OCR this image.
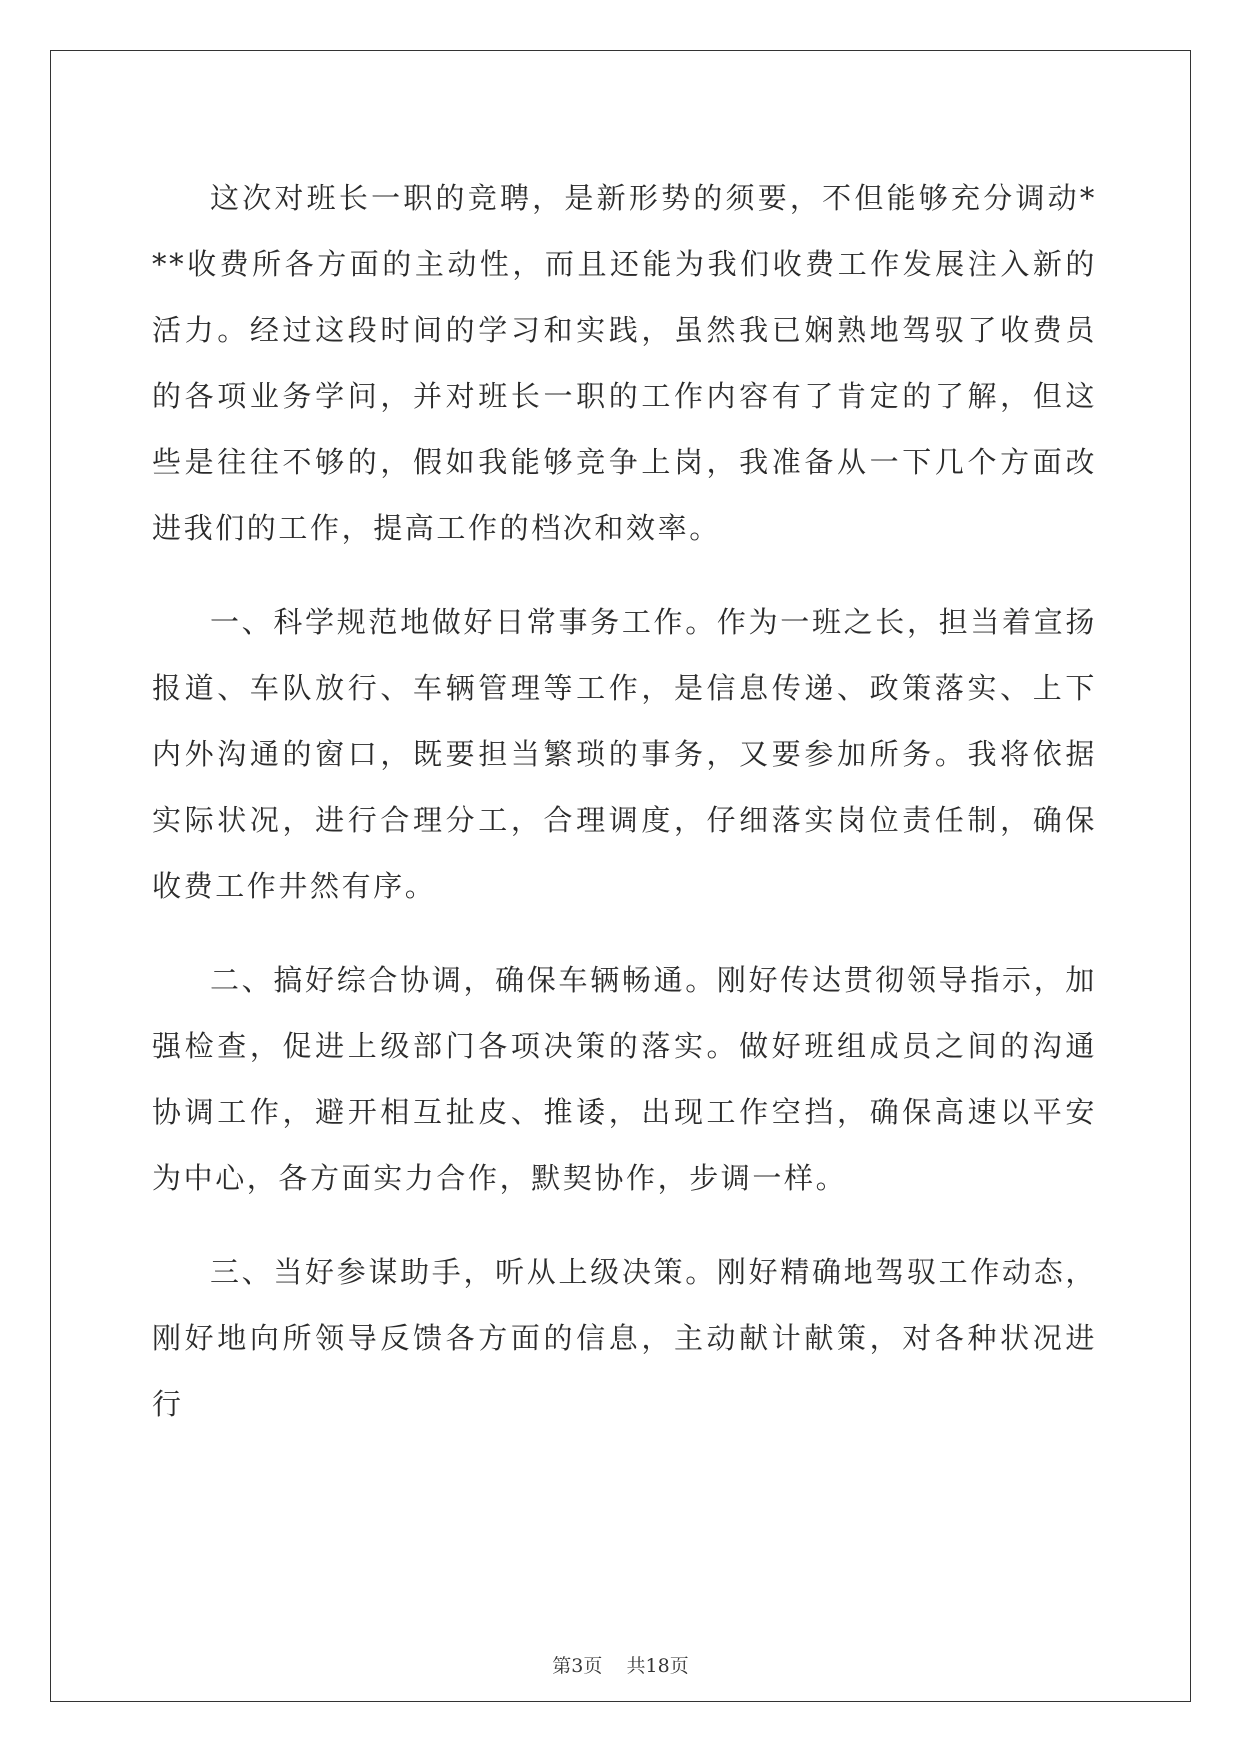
这次对班长一职的竞聘，是新形势的须要，不但能够充分调动***收费所各方面的主动性，而且还能为我们收费工作发展注入新的活力。经过这段时间的学习和实践，虽然我已娴熟地驾驭了收费员的各项业务学问，并对班长一职的工作内容有了肯定的了解，但这些是往往不够的，假如我能够竞争上岗，我准备从一下几个方面改进我们的工作，提高工作的档次和效率。

一、科学规范地做好日常事务工作。作为一班之长，担当着宣扬报道、车队放行、车辆管理等工作，是信息传递、政策落实、上下内外沟通的窗口，既要担当繁琐的事务，又要参加所务。我将依据实际状况，进行合理分工，合理调度，仔细落实岗位责任制，确保收费工作井然有序。

二、搞好综合协调，确保车辆畅通。刚好传达贯彻领导指示，加强检查，促进上级部门各项决策的落实。做好班组成员之间的沟通协调工作，避开相互扯皮、推诿，出现工作空挡，确保高速以平安为中心，各方面实力合作，默契协作，步调一样。

三、当好参谋助手，听从上级决策。刚好精确地驾驭工作动态，刚好地向所领导反馈各方面的信息，主动献计献策，对各种状况进行

第3页    共18页
